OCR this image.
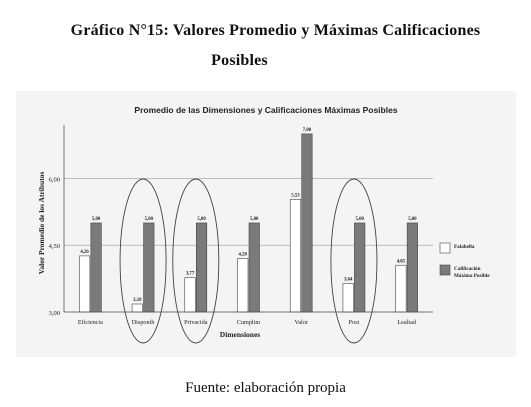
Gráfico N°15: Valores Promedio y Máximas Calificaciones
Posibles
Promedio de las Dimensiones y Calificaciones Máximas Posibles
Valor Promedio de los Atributos
Dimensiones
4,26
5,00
3,18
5,00
3,77
5,00
4,20
5,00
5,53
7,00
3,64
5,00
4,05
5,00
3,00
4,50
6,00
Eficiencia	Disponib	Privacida	Cumplim	Valor	Post	Lealtad
Falabella
Calificación
Máxima Posible
Fuente: elaboración propia
